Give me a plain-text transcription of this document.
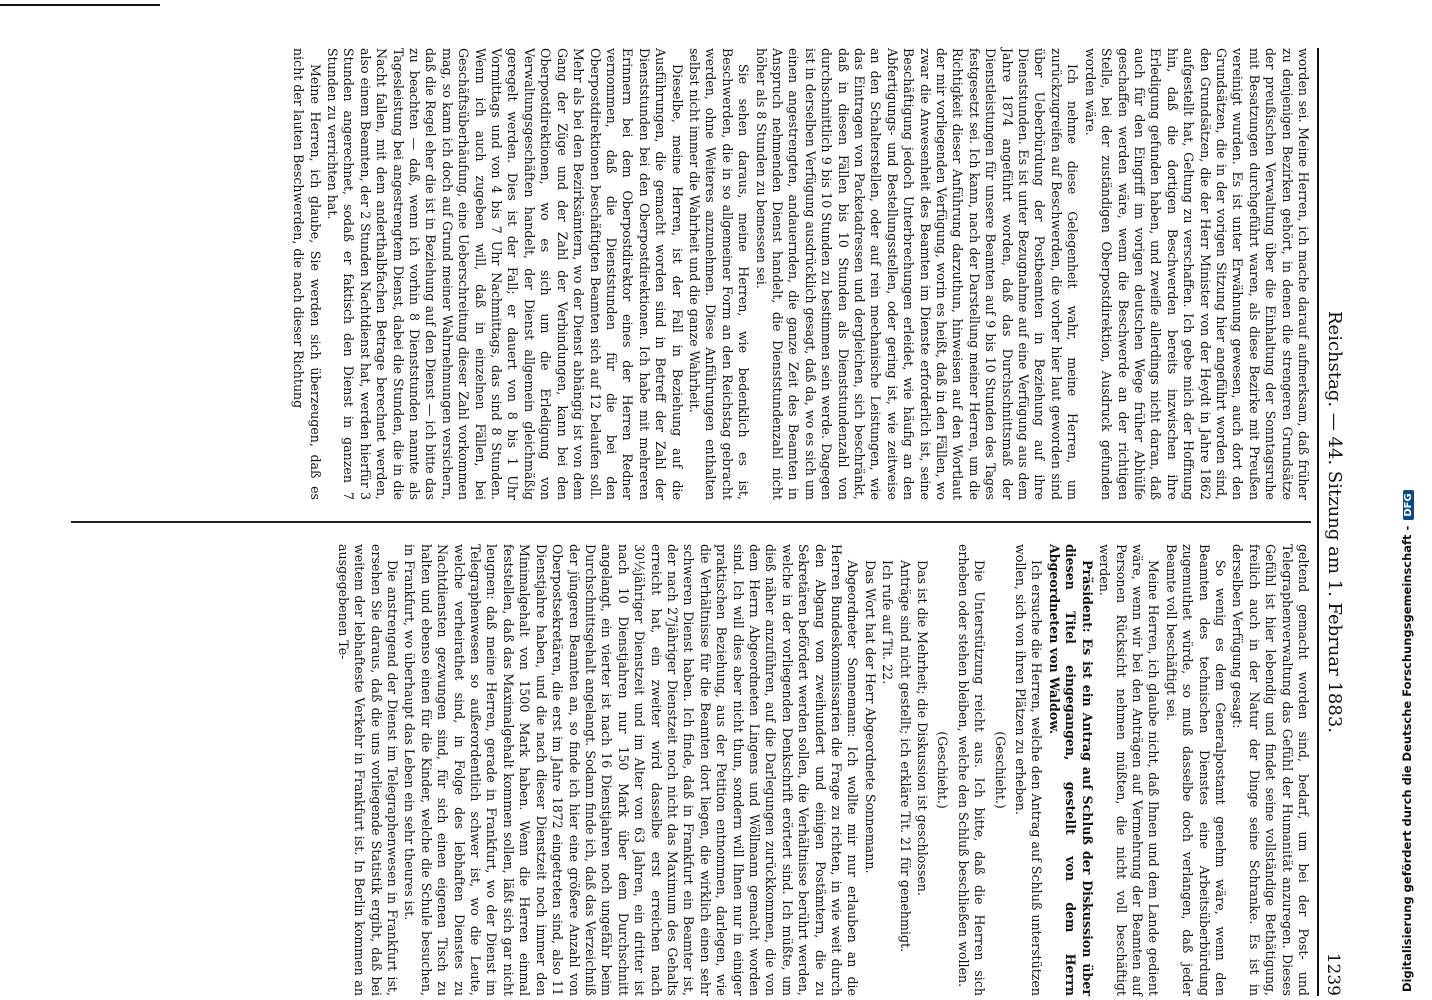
Reichstag. — 44. Sitzung am 1. Februar 1883.
1239

worden sei. Meine Herren, ich mache darauf aufmerksam, daß früher zu denjenigen Bezirken gehört, in denen die strengeren Grundsätze der preußischen Verwaltung über die Einhaltung der Sonntagsruhe mit Besatzungen durchgeführt waren, als diese Bezirke mit Preußen vereinigt wurden. Es ist unter Erwähnung gewesen, auch dort den Grundsätzen, die in der vorigen Sitzung hier angeführt worden sind, den Grundsätzen, die der Herr Minister von der Heydt in Jahre 1862 aufgestellt hat, Geltung zu verschaffen. Ich gebe mich der Hoffnung hin, daß die dortigen Beschwerden bereits inzwischen ihre Erledigung gefunden haben, und zweifle allerdings nicht daran, daß auch für den Eingriff im vorigen deutschen Wege früher Abhülfe geschaffen werden wäre, wenn die Beschwerde an der richtigen Stelle, bei der zuständigen Oberpostdirektion, Ausdruck gefunden worden wäre.

Ich nehme diese Gelegenheit wahr, meine Herren, um zurückzugreifen auf Beschwerden, die vorher hier laut geworden sind über Ueberbürdung der Postbeamten in Beziehung auf ihre Dienststunden. Es ist unter Bezugnahme auf eine Verfügung aus dem Jahre 1874 angeführt worden, daß das Durchschnittsmaß der Dienstleistungen für unsere Beamten auf 9 bis 10 Stunden des Tages festgesetzt sei. Ich kann, nach der Darstellung meiner Herren, um die Richtigkeit dieser Anführung darzuthun, hinweisen auf den Wortlaut der mir vorliegenden Verfügung, worin es heißt, daß in den Fällen, wo zwar die Anwesenheit des Beamten im Dienste erforderlich ist, seine Beschäftigung jedoch Unterbrechungen erleidet, wie häufig an den Abfertigungs- und Bestellungsstellen, oder gering ist, wie zeitweise an den Schalterstellen, oder auf rein mechanische Leistungen, wie das Eintragen von Packetadressen und dergleichen, sich beschränkt, daß in diesen Fällen bis 10 Stunden als Dienststundenzahl von durchschnittlich 9 bis 10 Stunden zu bestimmen sein werde. Dagegen ist in derselben Verfügung ausdrücklich gesagt, daß da, wo es sich um einen angestrengten, andauernden, die ganze Zeit des Beamten in Anspruch nehmenden Dienst handelt, die Dienststundenzahl nicht höher als 8 Stunden zu bemessen sei.

Sie sehen daraus, meine Herren, wie bedenklich es ist, Beschwerden, die in so allgemeiner Form an den Reichstag gebracht werden, ohne Weiteres anzunehmen. Diese Anführungen enthalten selbst nicht immer die Wahrheit und die ganze Wahrheit.

Dieselbe, meine Herren, ist der Fall in Beziehung auf die Ausführungen, die gemacht worden sind in Betreff der Zahl der Dienststunden bei den Oberpostdirektionen. Ich habe mit mehreren Erinnern bei dem Oberpostdirektor eines der Herren Redner vernommen, daß die Dienststunden für die bei den Oberpostdirektionen beschäftigten Beamten sich auf 12 belaufen soll. Mehr als bei den Bezirksämtern, wo der Dienst abhängig ist von dem Gang der Züge und der Zahl der Verbindungen, kann bei den Oberpostdirektionen, wo es sich um die Erledigung von Verwaltungsgeschäften handelt, der Dienst allgemein gleichmäßig geregelt werden. Dies ist der Fall; er dauert von 8 bis 1 Uhr Vormittags und von 4 bis 7 Uhr Nachmittags, das sind 8 Stunden. Wenn ich auch zugeben will, daß in einzelnen Fällen, bei Geschäftsüberhäufung, eine Ueberschreitung dieser Zahl vorkommen mag, so kann ich doch auf Grund meiner Wahrnehmungen versichern, daß die Regel eher die ist in Beziehung auf den Dienst — ich bitte das zu beachten — daß, wenn ich vorhin 8 Dienststunden nannte als Tagesleistung bei angestrengtem Dienst, dabei die Stunden, die in die Nacht fallen, mit dem anderthalbfachen Betrage berechnet werden, also einem Beamten, der 2 Stunden Nachtdienst hat, werden hierfür 3 Stunden angerechnet, sodaß er faktisch den Dienst in ganzen 7 Stunden zu verrichten hat.

Meine Herren, ich glaube, Sie werden sich überzeugen, daß es nicht der lauten Beschwerden, die nach dieser Richtung

geltend gemacht worden sind, bedarf, um bei der Post- und Telegraphenverwaltung das Gefühl der Humanität anzuregen. Dieses Gefühl ist hier lebendig und findet seine vollständige Bethätigung, freilich auch in der Natur der Dinge seine Schranke. Es ist in derselben Verfügung gesagt:

So wenig es dem Generalpostamt genehm wäre, wenn den Beamten des technischen Dienstes eine Arbeitsüberbürdung zugemuthet würde, so muß dasselbe doch verlangen, daß jeder Beamte voll beschäftigt sei.

Meine Herren, ich glaube nicht, daß Ihnen und dem Lande gedient wäre, wenn wir bei den Anträgen auf Vermehrung der Beamten auf Personen Rücksicht nehmen müßten, die nicht voll beschäftigt werden.

Präsident: Es ist ein Antrag auf Schluß der Diskussion über diesen Titel eingegangen, gestellt von dem Herrn Abgeordneten von Waldow.

Ich ersuche die Herren, welche den Antrag auf Schluß unterstützen wollen, sich von ihren Plätzen zu erheben.

(Geschieht.)

Die Unterstützung reicht aus. Ich bitte, daß die Herren sich erheben oder stehen bleiben, welche den Schluß beschließen wollen.

(Geschieht.)

Das ist die Mehrheit; die Diskussion ist geschlossen.

Anträge sind nicht gestellt; ich erkläre Tit. 21 für genehmigt.

Ich rufe auf Tit. 22.

Das Wort hat der Herr Abgeordnete Sonnemann.

Abgeordneter Sonnemann: Ich wollte mir nur erlauben an die Herren Bundeskommissarien die Frage zu richten, in wie weit durch den Abgang von zweihundert und einigen Postämtern, die zu Sekretären befördert werden sollen, die Verhältnisse berührt werden, welche in der vorliegenden Denkschrift erörtert sind. Ich müßte, um dieß näher anzuführen, auf die Darlegungen zurückkommen, die von dem Herrn Abgeordneten Lingens und Wöllmann gemacht worden sind. Ich will dies aber nicht thun, sondern will Ihnen nur in einiger praktischen Beziehung, aus der Petition entnommen, darlegen, wie die Verhältnisse für die Beamten dort liegen, die wirklich einen sehr schweren Dienst haben. Ich finde, daß in Frankfurt ein Beamter ist, der nach 27jähriger Dienstzeit noch nicht das Maximum des Gehalts erreicht hat, ein zweiter wird dasselbe erst erreichen nach 30½jähriger Dienstzeit und im Alter von 63 Jahren, ein dritter ist nach 10 Dienstjahren nur 150 Mark über dem Durchschnitt angelangt, ein vierter ist nach 16 Dienstjahren noch ungefähr beim Durchschnittsgehalt angelangt. Sodann finde ich, daß das Verzeichniß der jüngeren Beamten an, so finde ich hier eine größere Anzahl von Oberpostsekretären, die erst im Jahre 1872 eingetreten sind, also 11 Dienstjahre haben, und die nach dieser Dienstzeit noch immer den Minimalgehalt von 1500 Mark haben. Wenn die Herren einmal feststellen, daß das Maximalgehalt kommen sollen, läßt sich gar nicht leugnen: daß meine Herren, gerade in Frankfurt, wo der Dienst im Telegraphenwesen so außerordentlich schwer ist, wo die Leute, welche verheirathet sind, in Folge des lebhaften Dienstes zu Nachtdiensten gezwungen sind, für sich einen eigenen Tisch zu halten und ebenso einen für die Kinder, welche die Schule besuchen, in Frankfurt, wo überhaupt das Leben ein sehr theures ist.

Die anstrengend der Dienst im Telegraphenwesen in Frankfurt ist, ersehen Sie daraus, daß die uns vorliegende Statistik ergibt, daß bei weitem der lebhafteste Verkehr in Frankfurt ist. In Berlin kommen an ausgegebenen Te-	Digitalisierung gefördert durch die Deutsche Forschungsgemeinschaft -DFG
